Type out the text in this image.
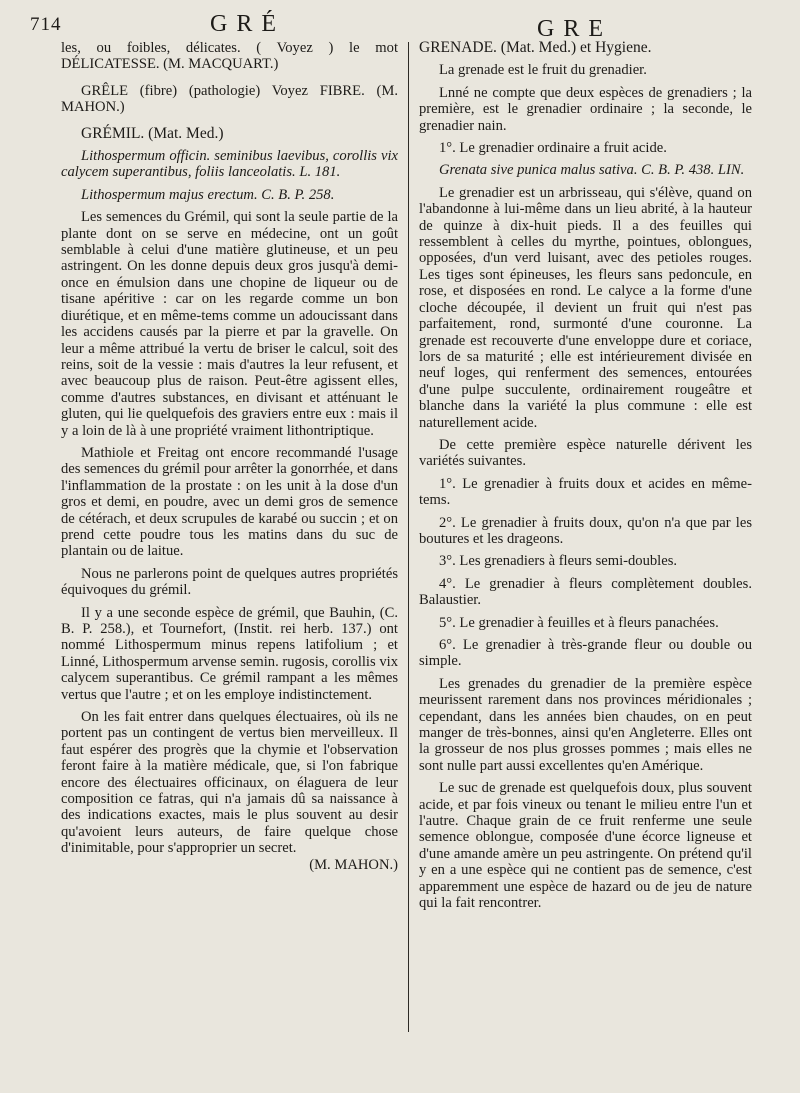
714	GRÉ	GRE

les, ou foibles, délicates. ( Voyez ) le mot DÉLICATESSE. (M. MACQUART.)

GRÊLE (fibre) (pathologie) Voyez FIBRE. (M. MAHON.)

GRÉMIL. (Mat. Med.)

Lithospermum officin. seminibus laevibus, corollis vix calycem superantibus, foliis lanceolatis. L. 181.

Lithospermum majus erectum. C. B. P. 258.

Les semences du Grémil, qui sont la seule partie de la plante dont on se serve en médecine, ont un goût semblable à celui d'une matière glutineuse, et un peu astringent. On les donne depuis deux gros jusqu'à demi-once en émulsion dans une chopine de liqueur ou de tisane apéritive : car on les regarde comme un bon diurétique, et en même-tems comme un adoucissant dans les accidens causés par la pierre et par la gravelle. On leur a même attribué la vertu de briser le calcul, soit des reins, soit de la vessie : mais d'autres la leur refusent, et avec beaucoup plus de raison. Peut-être agissent elles, comme d'autres substances, en divisant et atténuant le gluten, qui lie quelquefois des graviers entre eux : mais il y a loin de là à une propriété vraiment lithontriptique.

Mathiole et Freitag ont encore recommandé l'usage des semences du grémil pour arrêter la gonorrhée, et dans l'inflammation de la prostate : on les unit à la dose d'un gros et demi, en poudre, avec un demi gros de semence de cétérach, et deux scrupules de karabé ou succin ; et on prend cette poudre tous les matins dans du suc de plantain ou de laitue.

Nous ne parlerons point de quelques autres propriétés équivoques du grémil.

Il y a une seconde espèce de grémil, que Bauhin, (C. B. P. 258.), et Tournefort, (Instit. rei herb. 137.) ont nommé Lithospermum minus repens latifolium ; et Linné, Lithospermum arvense semin. rugosis, corollis vix calycem superantibus. Ce grémil rampant a les mêmes vertus que l'autre ; et on les employe indistinctement.

On les fait entrer dans quelques électuaires, où ils ne portent pas un contingent de vertus bien merveilleux. Il faut espérer des progrès que la chymie et l'observation feront faire à la matière médicale, que, si l'on fabrique encore des électuaires officinaux, on élaguera de leur composition ce fatras, qui n'a jamais dû sa naissance à des indications exactes, mais le plus souvent au desir qu'avoient leurs auteurs, de faire quelque chose d'inimitable, pour s'approprier un secret.

(M. MAHON.)

GRENADE. (Mat. Med.) et Hygiene.

La grenade est le fruit du grenadier.

Lnné ne compte que deux espèces de grenadiers ; la première, est le grenadier ordinaire ; la seconde, le grenadier nain.

1°. Le grenadier ordinaire a fruit acide.

Grenata sive punica malus sativa. C. B. P. 438. LIN.

Le grenadier est un arbrisseau, qui s'élève, quand on l'abandonne à lui-même dans un lieu abrité, à la hauteur de quinze à dix-huit pieds. Il a des feuilles qui ressemblent à celles du myrthe, pointues, oblongues, opposées, d'un verd luisant, avec des petioles rouges. Les tiges sont épineuses, les fleurs sans pedoncule, en rose, et disposées en rond. Le calyce a la forme d'une cloche découpée, il devient un fruit qui n'est pas parfaitement, rond, surmonté d'une couronne. La grenade est recouverte d'une enveloppe dure et coriace, lors de sa maturité ; elle est intérieurement divisée en neuf loges, qui renferment des semences, entourées d'une pulpe succulente, ordinairement rougeâtre et blanche dans la variété la plus commune : elle est naturellement acide.

De cette première espèce naturelle dérivent les variétés suivantes.

1°. Le grenadier à fruits doux et acides en même-tems.

2°. Le grenadier à fruits doux, qu'on n'a que par les boutures et les drageons.

3°. Les grenadiers à fleurs semi-doubles.

4°. Le grenadier à fleurs complètement doubles. Balaustier.

5°. Le grenadier à feuilles et à fleurs panachées.

6°. Le grenadier à très-grande fleur ou double ou simple.

Les grenades du grenadier de la première espèce meurissent rarement dans nos provinces méridionales ; cependant, dans les années bien chaudes, on en peut manger de très-bonnes, ainsi qu'en Angleterre. Elles ont la grosseur de nos plus grosses pommes ; mais elles ne sont nulle part aussi excellentes qu'en Amérique.

Le suc de grenade est quelquefois doux, plus souvent acide, et par fois vineux ou tenant le milieu entre l'un et l'autre. Chaque grain de ce fruit renferme une seule semence oblongue, composée d'une écorce ligneuse et d'une amande amère un peu astringente. On prétend qu'il y en a une espèce qui ne contient pas de semence, c'est apparemment une espèce de hazard ou de jeu de nature qui la fait rencontrer.
